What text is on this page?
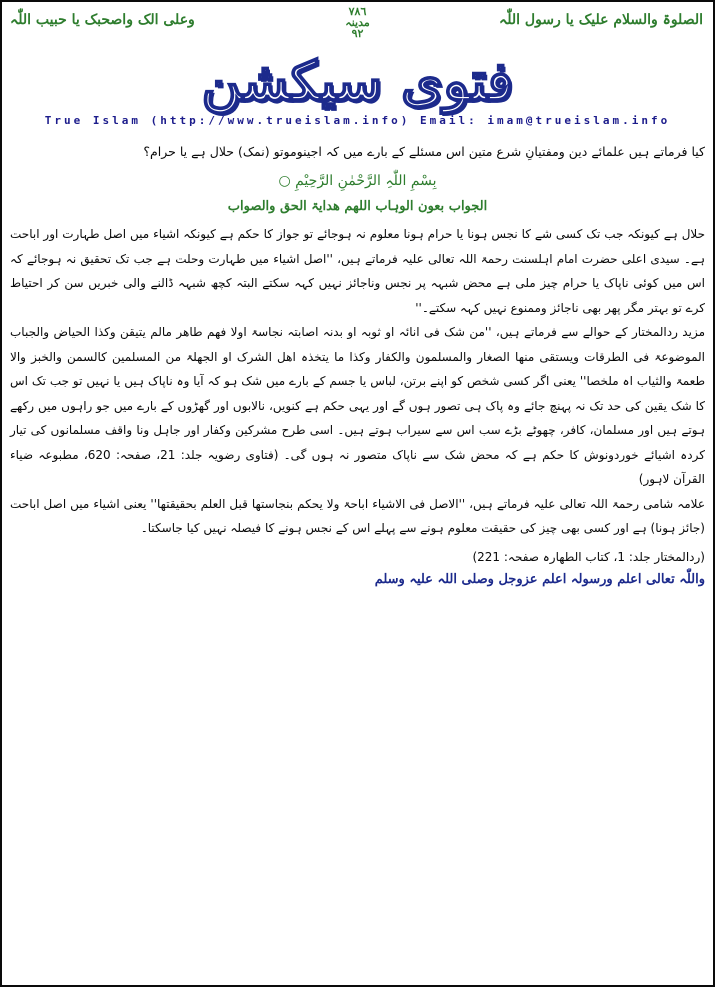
الصلوۃ والسلام علیک یا رسول اللّٰہ
۷۸٦
مدینہ
۹۲
وعلی الک واصحبک یا حبیب اللّٰہ
فتوی سیکشن
True Islam (http://www.trueislam.info) Email: imam@trueislam.info

کیا فرماتے ہیں علمائے دین ومفتیانِ شرع متین اس مسئلے کے بارے میں کہ اجینوموتو (نمک) حلال ہے یا حرام؟

بِسْمِ اللّٰہِ الرَّحْمٰنِ الرَّحِیْمِ ○

الجواب بعون الوہاب اللھم ھدایۃ الحق والصواب

حلال ہے کیونکہ جب تک کسی شے کا نجس ہونا یا حرام ہونا معلوم نہ ہوجائے تو جواز کا حکم ہے کیونکہ اشیاء میں اصل طہارت اور اباحت ہے۔ سیدی اعلی حضرت امام اہلسنت رحمۃ اللہ تعالی علیہ فرماتے ہیں، ''اصل اشیاء میں طہارت وحلت ہے جب تک تحقیق نہ ہوجائے کہ اس میں کوئی ناپاک یا حرام چیز ملی ہے محض شبہہ پر نجس وناجائز نہیں کہہ سکتے البتہ کچھ شبہہ ڈالنے والی خبریں سن کر احتیاط کرے تو بہتر مگر پھر بھی ناجائز وممنوع نہیں کہہ سکتے۔''

مزید ردالمختار کے حوالے سے فرماتے ہیں، ''من شک فی انائہ او ثوبہ او بدنہ اصابتہ نجاسۃ اولا فھم طاھر مالم یتیقن وکذا الحیاض والجباب الموضوعۃ فی الطرقات ویستقی منھا الصغار والمسلمون والکفار وکذا ما یتخذہ اھل الشرک او الجھلۃ من المسلمین کالسمن والخبز والا طعمۃ والثیاب اہ ملخصا'' یعنی اگر کسی شخص کو اپنے برتن، لباس یا جسم کے بارے میں شک ہو کہ آیا وہ ناپاک ہیں یا نہیں تو جب تک اس کا شک یقین کی حد تک نہ پہنچ جائے وہ پاک ہی تصور ہوں گے اور یہی حکم ہے کنویں، نالابوں اور گھڑوں کے بارے میں جو راہوں میں رکھے ہوتے ہیں اور مسلمان، کافر، چھوٹے بڑے سب اس سے سیراب ہوتے ہیں۔ اسی طرح مشرکین وکفار اور جاہل ونا واقف مسلمانوں کی تیار کردہ اشیائے خوردونوش کا حکم ہے کہ محض شک سے ناپاک متصور نہ ہوں گی۔ (فتاوی رضویہ جلد: 21، صفحہ: 620، مطبوعہ ضیاء القرآن لاہور)

علامہ شامی رحمۃ اللہ تعالی علیہ فرماتے ہیں، ''الاصل فی الاشیاء اباحۃ ولا یحکم بنجاستھا قبل العلم بحقیقتھا'' یعنی اشیاء میں اصل اباحت (جائز ہونا) ہے اور کسی بھی چیز کی حقیقت معلوم ہونے سے پہلے اس کے نجس ہونے کا فیصلہ نہیں کیا جاسکتا۔

(ردالمختار جلد: 1، کتاب الطھارہ صفحہ: 221)

واللّٰہ تعالی اعلم ورسولہ اعلم عزوجل وصلی اللہ علیہ وسلم
